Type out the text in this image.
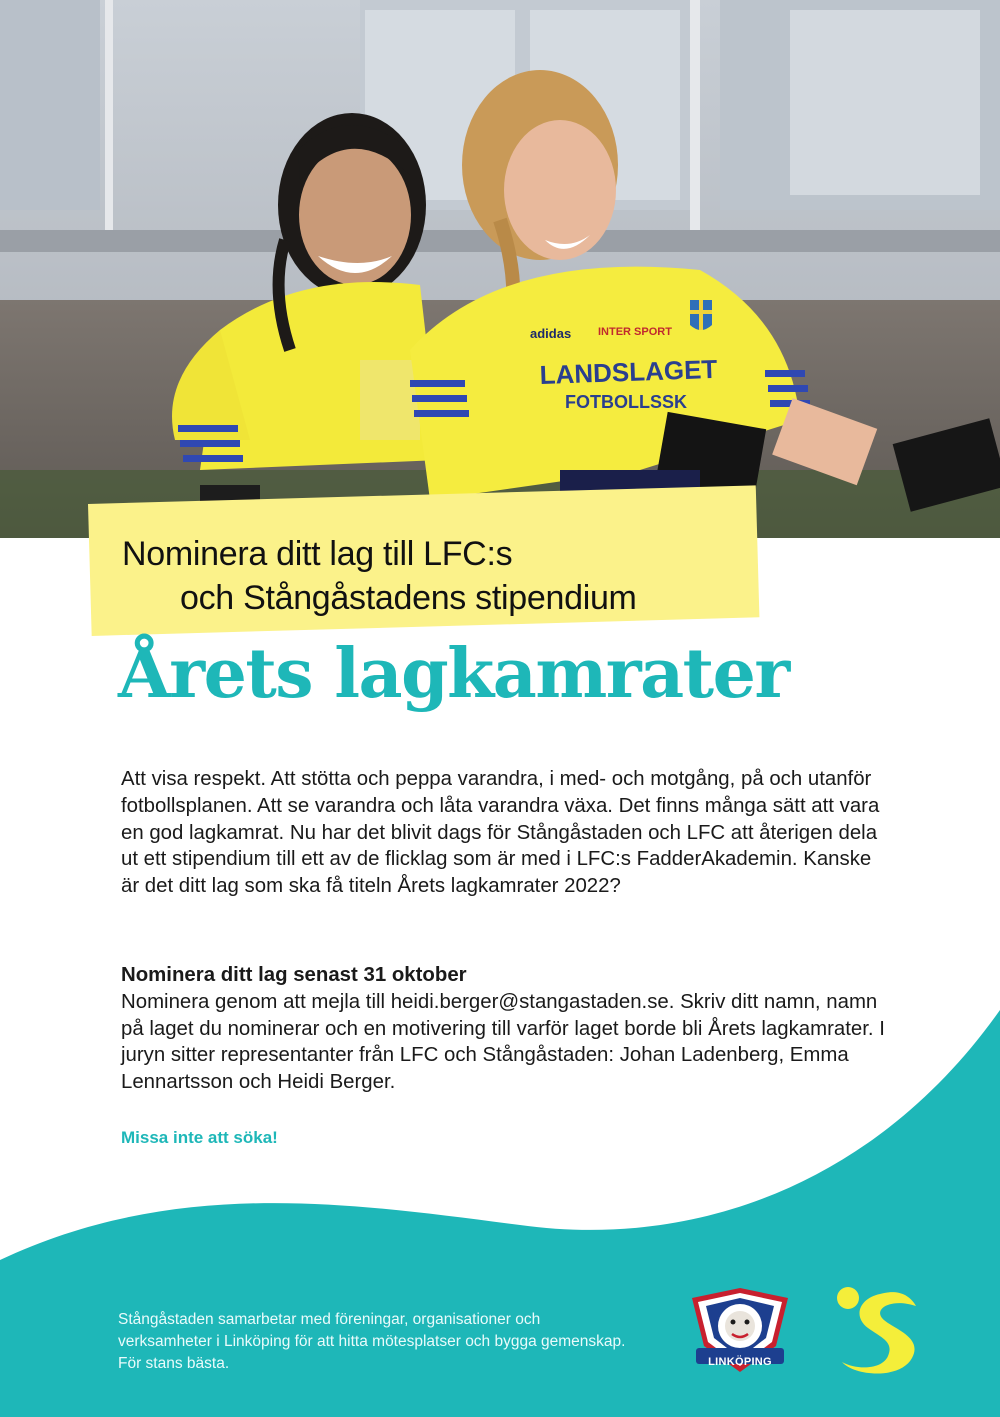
LANDSLAGET
FOTBOLLSSK
adidas INTER SPORT
Nominera ditt lag till LFC:s
och Stångåstadens stipendium
Årets lagkamrater

Att visa respekt. Att stötta och peppa varandra, i med- och motgång, på och utanför fotbollsplanen. Att se varandra och låta varandra växa. Det finns många sätt att vara en god lagkamrat. Nu har det blivit dags för Stångåstaden och LFC att återigen dela ut ett stipendium till ett av de flicklag som är med i LFC:s FadderAkademin. Kanske är det ditt lag som ska få titeln Årets lagkamrater 2022?

Nominera ditt lag senast 31 oktober
Nominera genom att mejla till heidi.berger@stangastaden.se. Skriv ditt namn, namn på laget du nominerar och en motivering till varför laget borde bli Årets lagkamrater. I juryn sitter representanter från LFC och Stångåstaden: Johan Ladenberg, Emma Lennartsson och Heidi Berger.

Missa inte att söka!

Stångåstaden samarbetar med föreningar, organisationer och verksamheter i Linköping för att hitta mötesplatser och bygga gemenskap. För stans bästa.	LINKÖPING
